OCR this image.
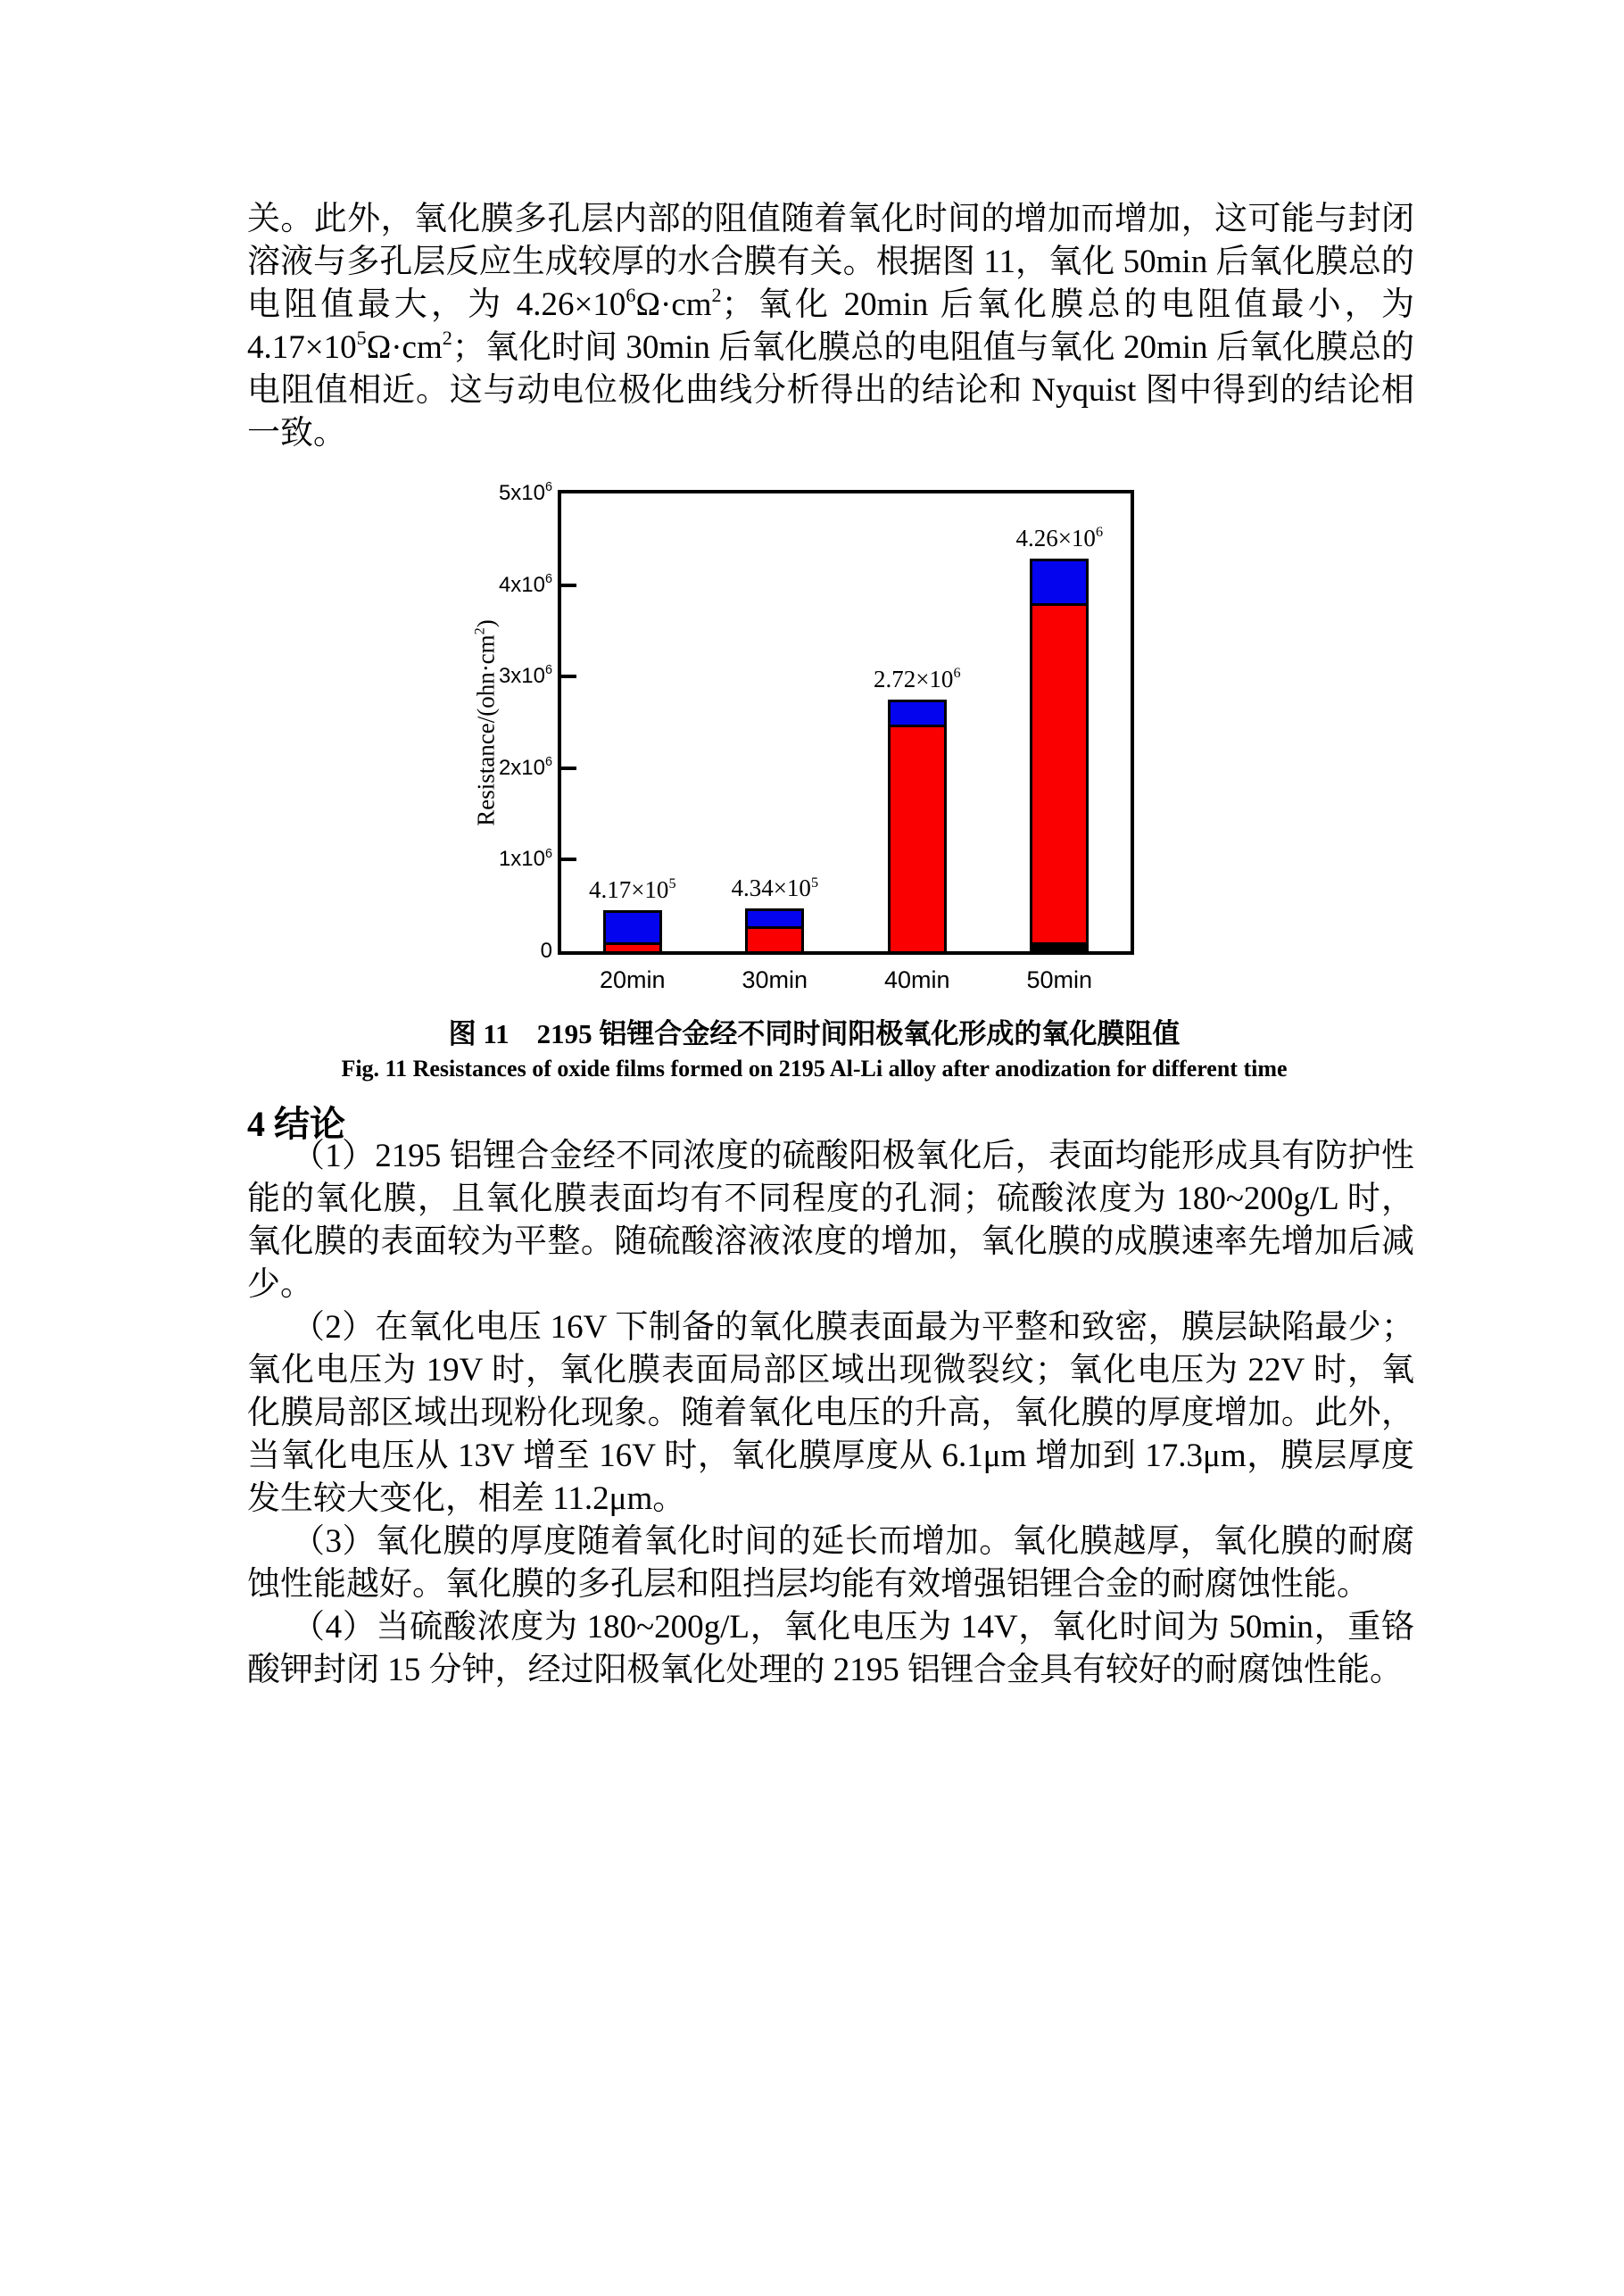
关。此外，氧化膜多孔层内部的阻值随着氧化时间的增加而增加，这可能与封闭溶液与多孔层反应生成较厚的水合膜有关。根据图 11，氧化 50min 后氧化膜总的电阻值最大，为 $4.26\times 10^6\Omega\cdot cm^2$；氧化 20min 后氧化膜总的电阻值最小，为 $4.17\times 10^5\Omega\cdot cm^2$；氧化时间 30min 后氧化膜总的电阻值与氧化 20min 后氧化膜总的电阻值相近。这与动电位极化曲线分析得出的结论和 Nyquist 图中得到的结论相一致。

Resistance/$(ohn\cdot cm^2)$
0
$1x10^6$
$2x10^6$
$3x10^6$
$4x10^6$
$5x10^6$
$4.17\times 10^5$
20min
$4.34\times 10^5$
30min
$2.72\times 10^6$
40min
$4.26\times 10^6$
50min

图 11　2195 铝锂合金经不同时间阳极氧化形成的氧化膜阻值

Fig. 11 Resistances of oxide films formed on 2195 Al-Li alloy after anodization for different time

4 结论

（1）2195 铝锂合金经不同浓度的硫酸阳极氧化后，表面均能形成具有防护性能的氧化膜，且氧化膜表面均有不同程度的孔洞；硫酸浓度为 180~200g/L 时，氧化膜的表面较为平整。随硫酸溶液浓度的增加，氧化膜的成膜速率先增加后减少。

（2）在氧化电压 16V 下制备的氧化膜表面最为平整和致密，膜层缺陷最少；氧化电压为 19V 时，氧化膜表面局部区域出现微裂纹；氧化电压为 22V 时，氧化膜局部区域出现粉化现象。随着氧化电压的升高，氧化膜的厚度增加。此外，当氧化电压从 13V 增至 16V 时，氧化膜厚度从 6.1μm 增加到 17.3μm，膜层厚度发生较大变化，相差 11.2μm。

（3）氧化膜的厚度随着氧化时间的延长而增加。氧化膜越厚，氧化膜的耐腐蚀性能越好。氧化膜的多孔层和阻挡层均能有效增强铝锂合金的耐腐蚀性能。

（4）当硫酸浓度为 180~200g/L，氧化电压为 14V，氧化时间为 50min，重铬酸钾封闭 15 分钟，经过阳极氧化处理的 2195 铝锂合金具有较好的耐腐蚀性能。
